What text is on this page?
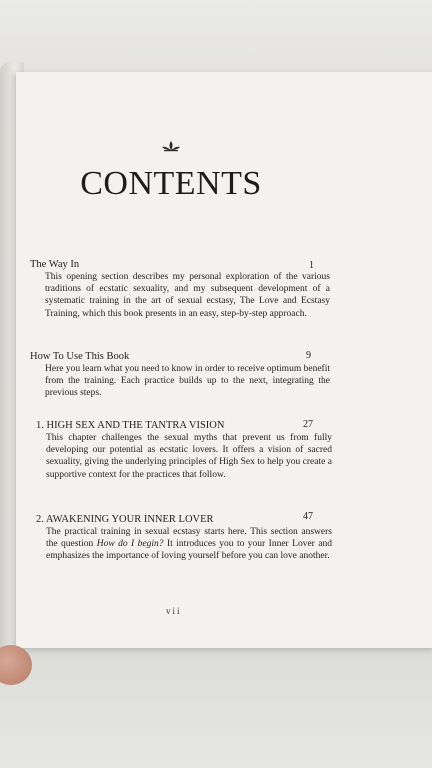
CONTENTS
The Way In
This opening section describes my personal exploration of the various traditions of ecstatic sexuality, and my subsequent development of a systematic training in the art of sexual ecstasy, The Love and Ecstasy Training, which this book presents in an easy, step-by-step approach.
1
How To Use This Book
Here you learn what you need to know in order to receive optimum benefit from the training. Each practice builds up to the next, integrating the previous steps.
9
1. HIGH SEX AND THE TANTRA VISION
This chapter challenges the sexual myths that prevent us from fully developing our potential as ecstatic lovers. It offers a vision of sacred sexuality, giving the underlying principles of High Sex to help you create a supportive context for the practices that follow.
27
2. AWAKENING YOUR INNER LOVER
The practical training in sexual ecstasy starts here. This section answers the question How do I begin? It introduces you to your Inner Lover and emphasizes the importance of loving yourself before you can love another.
47
vii
